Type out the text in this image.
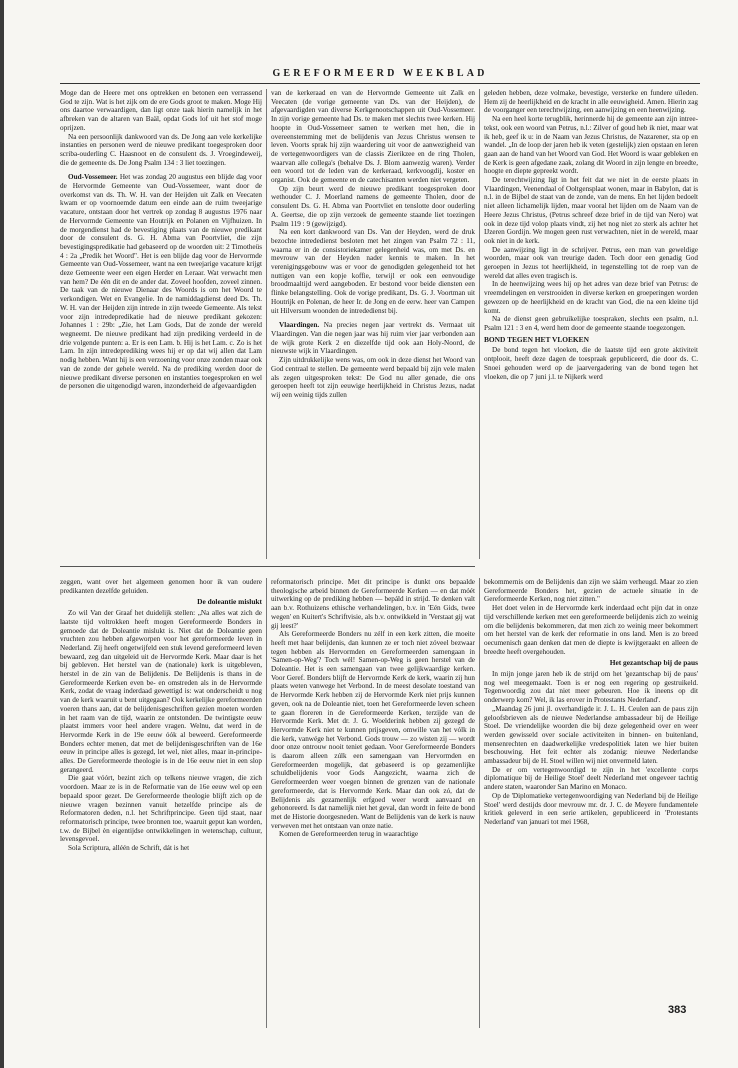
GEREFORMEERD WEEKBLAD

Moge dan de Heere met ons optrekken en betonen een verrassend God te zijn. Wat is het zijk om de ere Gods groot te maken. Moge Hij ons daartoe verwaardigen, dan ligt onze taak hierin namelijk in het afbreken van de altaren van Baäl, opdat Gods lof uit het stof moge oprijzen.

Na een persoonlijk dankwoord van ds. De Jong aan vele kerkelijke instanties en personen werd de nieuwe predikant toegesproken door scriba-ouderling C. Haasnoot en de consulent ds. J. Vroegindeweij, die de gemeente ds. De Jong Psalm 134 : 3 liet toezingen.

Oud-Vossemeer. Het was zondag 20 augustus een blijde dag voor de Hervormde Gemeente van Oud-Vossemeer, want door de overkomst van ds. Th. W. H. van der Heijden uit Zalk en Veecaten kwam er op voornoemde datum een einde aan de ruim tweejarige vacature, ontstaan door het vertrek op zondag 8 augustus 1976 naar de Hervormde Gemeente van Houtrijk en Polanen en Vijfhuizen. In de morgendienst had de bevestiging plaats van de nieuwe predikant door de consulent ds. G. H. Abma van Poortvliet, die zijn bevestigingspredikatie had gebaseerd op de woorden uit: 2 Timotheüs 4 : 2a „Predik het Woord". Het is een blijde dag voor de Hervormde Gemeente van Oud-Vossemeer, want na een tweejarige vacature krijgt deze Gemeente weer een eigen Herder en Leraar. Wat verwacht men van hem? De één dit en de ander dat. Zoveel hoofden, zoveel zinnen. De taak van de nieuwe Dienaar des Woords is om het Woord te verkondigen. Wet en Evangelie. In de namiddagdienst deed Ds. Th. W. H. van der Heijden zijn intrede in zijn tweede Gemeente. Als tekst voor zijn intredepredikatie had de nieuwe predikant gekozen: Johannes 1 : 29b: „Zie, het Lam Gods, Dat de zonde der wereld wegneemt. De nieuwe predikant had zijn prediking verdeeld in de drie volgende punten: a. Er is een Lam. b. Hij is het Lam. c. Zo is het Lam. In zijn intredeprediking wees hij er op dat wij allen dat Lam nodig hebben. Want hij is een verzoening voor onze zonden maar ook van de zonde der gehele wereld. Na de prediking werden door de nieuwe predikant diverse personen en instanties toegesproken en wel de personen die uitgenodigd waren, inzonderheid de afgevaardigden

van de kerkeraad en van de Hervormde Gemeente uit Zalk en Veecaten (de vorige gemeente van Ds. van der Heijden), de afgevaardigden van diverse Kerkgenootschappen uit Oud-Vossemeer. In zijn vorige gemeente had Ds. te maken met slechts twee kerken. Hij hoopte in Oud-Vossemeer samen te werken met hen, die in overeenstemming met de belijdenis van Jezus Christus wensen te leven. Voorts sprak hij zijn waardering uit voor de aanwezigheid van de vertegenwoordigers van de classis Zierikzee en de ring Tholen, waarvan alle collega's (behalve Ds. J. Blom aanwezig waren). Verder een woord tot de leden van de kerkeraad, kerkvoogdij, koster en organist. Ook de gemeente en de catechisanten werden niet vergeten.

Op zijn beurt werd de nieuwe predikant toegesproken door wethouder C. J. Moerland namens de gemeente Tholen, door de consulent Ds. G. H. Abma van Poortvliet en tenslotte door ouderling A. Geertse, die op zijn verzoek de gemeente staande liet toezingen Psalm 119 : 9 (gewijzigd).

Na een kort dankwoord van Ds. Van der Heyden, werd de druk bezochte intrededienst besloten met het zingen van Psalm 72 : 11, waarna er in de consistoriekamer gelegenheid was, om met Ds. en mevrouw van der Heyden nader kennis te maken. In het verenigingsgebouw was er voor de genodigden gelegenheid tot het nuttigen van een kopje koffie, terwijl er ook een eenvoudige broodmaaltijd werd aangeboden. Er bestond voor beide diensten een flinke belangstelling. Ook de vorige predikant, Ds. G. J. Voortman uit Houtrijk en Polenan, de heer Ir. de Jong en de eerw. heer van Campen uit Hilversum woonden de intrededienst bij.

Vlaardingen. Na precies negen jaar vertrekt ds. Vermaat uit Vlaardingen. Van die negen jaar was hij ruim vier jaar verbonden aan de wijk grote Kerk 2 en diezelfde tijd ook aan Holy-Noord, de nieuwste wijk in Vlaardingen.

Zijn uitdrukkelijke wens was, om ook in deze dienst het Woord van God centraal te stellen. De gemeente werd bepaald bij zijn vele malen als zegen uitgesproken tekst: De God nu aller genade, die ons geroepen heeft tot zijn eeuwige heerlijkheid in Christus Jezus, nadat wij een weinig tijds zullen

geleden hebben, deze volmake, bevestige, versterke en fundere uïleden. Hem zij de heerlijkheid en de kracht in alle eeuwigheid. Amen. Hierin zag de voorganger een terechtwijzing, een aanwijzing en een heenwijzing.

Na een heel korte terugblik, herinnerde hij de gemeente aan zijn intree-tekst, ook een woord van Petrus, n.l.: Zilver of goud heb ik niet, maar wat ik heb, geef ik u: in de Naam van Jezus Christus, de Nazarener, sta op en wandel. „In de loop der jaren heb ik veten (gestelijk) zien opstaan en leren gaan aan de hand van het Woord van God. Het Woord is waar gebleken en de Kerk is geen afgedane zaak, zolang dit Woord in zijn lengte en breedte, hoogte en diepte gepreekt wordt.

De terechtwijzing ligt in het feit dat we niet in de eerste plaats in Vlaardingen, Veenendaal of Ooltgensplaat wonen, maar in Babylon, dat is n.l. in de Bijbel de staat van de zonde, van de mens. En het lijden bedoelt niet alleen lichamelijk lijden, maar vooral het lijden om de Naam van de Heere Jezus Christus, (Petrus schreef deze brief in de tijd van Nero) wat ook in deze tijd volop plaats vindt, zij het nog niet zo sterk als achter het IJzeren Gordijn. We mogen geen rust verwachten, niet in de wereld, maar ook niet in de kerk.

De aanwijzing ligt in de schrijver. Petrus, een man van geweldige woorden, maar ook van treurige daden. Toch door een genadig God geroepen in Jezus tot heerlijkheid, in tegenstelling tot de roep van de wereld dat alles even tragisch is.

In de heenwijzing wees hij op het adres van deze brief van Petrus: de vreemdelingen en verstrooiden in diverse kerken en groeperingen worden gewezen op de heerlijkheid en de kracht van God, die na een kleine tijd komt.

Na de dienst geen gebruikelijke toespraken, slechts een psalm, n.l. Psalm 121 : 3 en 4, werd hem door de gemeente staande toegezongen.

BOND TEGEN HET VLOEKEN

De bond tegen het vloeken, die de laatste tijd een grote aktiviteit ontplooit, heeft deze dagen de toespraak gepubliceerd, die door ds. C. Snoei gehouden werd op de jaarvergadering van de bond tegen het vloeken, die op 7 juni j.l. te Nijkerk werd

zeggen, want over het algemeen genomen hoor ik van oudere predikanten dezelfde geluiden.

De doleantie mislukt

Zo wil Van der Graaf het duidelijk stellen: „Na alles wat zich de laatste tijd voltrokken heeft mogen Gereformeerde Bonders in gemoede dat de Doleantie mislukt is. Niet dat de Doleantie geen vruchten zou hebben afgeworpen voor het gereformeerde leven in Nederland. Zij heeft ongetwijfeld een stuk levend gereformeerd leven bewaard, zeg dan uitgeleid uit de Hervormde Kerk. Maar daar is het bij gebleven. Het herstel van de (nationale) kerk is uitgebleven, herstel in de zin van de Belijdenis. De Belijdenis is thans in de Gereformeerde Kerken even be- en omstreden als in de Hervormde Kerk, zodat de vraag inderdaad gewettigd is: wat onderscheidt u nog van de kerk waaruit u bent uitgegaan? Ook kerkelijke gereformeerden voeren thans aan, dat de belijdenisgeschriften gezien moeten worden in het raam van de tijd, waarin ze ontstonden. De twintigste eeuw plaatst immers voor heel andere vragen. Welnu, dat werd in de Hervormde Kerk in de 19e eeuw óók al beweerd. Gereformeerde Bonders echter menen, dat met de belijdenisgeschriften van de 16e eeuw in principe alles is gezegd, let wel, niet alles, maar in-principe-alles. De Gereformeerde theologie is in de 16e eeuw niet in een slop gerangeerd.

Die gaat vóórt, bezint zich op telkens nieuwe vragen, die zich voordoen. Maar ze is in de Reformatie van de 16e eeuw wel op een bepaald spoor gezet. De Gereformeerde theologie blijft zich op de nieuwe vragen bezinnen vanuit hetzelfde principe als de Reformatoren deden, n.l. het Schriftprincipe. Geen tijd staat, naar reformatorisch principe, twee bronnen toe, waaruit geput kan worden, t.w. de Bijbel èn eigentijdse ontwikkelingen in wetenschap, cultuur, levensgevoel.

Sola Scriptura, alléén de Schrift, dát is het

reformatorisch principe. Met dit principe is dunkt ons bepaalde theologische arbeid binnen de Gereformeerde Kerken — en dat móét uitwerking op de prediking hebben — bepáld in strijd. Te denken valt aan b.v. Rothuizens ethische verhandelingen, b.v. in 'Eén Gids, twee wegen' en Kuitert's Schriftvisie, als b.v. ontwikkeld in 'Verstaat gij wat gij leest?'

Als Gereformeerde Bonders nu zélf in een kerk zitten, die moeite heeft met haar belijdenis, dan kunnen ze er toch niet zóveel bezwaar tegen hebben als Hervormden en Gereformeerden samengaan in 'Samen-op-Weg'? Toch wél! Samen-op-Weg is geen herstel van de Doleantie. Het is een samengaan van twee gelijkwaardige kerken. Voor Geref. Bonders blijft de Hervormde Kerk de kerk, waarin zij hun plaats weten vanwege het Verbond. In de meest desolate toestand van de Hervormde Kerk hebben zij de Hervormde Kerk niet prijs kunnen geven, ook na de Doleantie niet, toen het Gereformeerde leven scheen te gaan floreren in de Gereformeerde Kerken, terzijde van de Hervormde Kerk. Met dr. J. G. Woelderink hebben zij gezegd de Hervormde Kerk niet te kunnen prijsgeven, omwille van het vólk in die kerk, vanwége het Verbond. Gods trouw — zo wisten zij — wordt door onze ontrouw nooit teniet gedaan. Voor Gereformeerde Bonders is daarom alleen zúlk een samengaan van Hervormden en Gereformeerden mogelijk, dat gebaseerd is op gezamenlijke schuldbelijdenis voor Gods Aangezicht, waarna zich de Gereformeerden weer voegen binnen de grenzen van de nationale gereformeerde, dat is Hervormde Kerk. Maar dan ook zó, dat de Belijdenis als gezamenlijk erfgoed weer wordt aanvaard en gehonoreerd. Is dat namelijk niet het geval, dan wordt in feite de bond met de Historie doorgesneden. Want de Belijdenis van de kerk is nauw verweven met het ontstaan van onze natie.

Komen de Gereformeerden terug in waarachtige

bekommernis om de Belijdenis dan zijn we sàám verheugd. Maar zo zien Gereformeerde Bonders het, gezien de actuele situatie in de Gereformeerde Kerken, nog niet zitten."

Het doet velen in de Hervormde kerk inderdaad echt pijn dat in onze tijd verschillende kerken met een gereformeerde belijdenis zich zo weinig om die belijdenis bekommeren, dat men zich zo weinig meer bekommert om het herstel van de kerk der reformatie in ons land. Men is zo breed oecumenisch gaan denken dat men de diepte is kwijtgeraakt en alleen de breedte heeft overgehouden.

Het gezantschap bij de paus

In mijn jonge jaren heb ik de strijd om het 'gezantschap bij de paus' nog wel meegemaakt. Toen is er nog een regering op gestruikeld. Tegenwoordig zou dat niet meer gebeuren. Hoe ik ineens op dit onderwerp kom? Wel, ik las erover in Protestants Nederland'.

„Maandag 26 juni jl. overhandigde ir. J. L. H. Ceulen aan de paus zijn geloofsbrieven als de nieuwe Nederlandse ambassadeur bij de Heilige Stoel. De vriendelijke woorden die bij deze gelegenheid over en weer werden gewisseld over sociale activiteiten in binnen- en buitenland, mensenrechten en daadwerkelijke vredespolitiek laten we hier buiten beschouwing. Het feit echter als zodanig: nieuwe Nederlandse ambassadeur bij de H. Stoel willen wij niet onvermeld laten.

De er om vertegenwoordigd te zijn in het 'excellente corps diplomatique bij de Heilige Stoel' deelt Nederland met ongeveer tachtig andere staten, waaronder San Marino en Monaco.

Op de 'Diplomatieke vertegenwoordiging van Nederland bij de Heilige Stoel' werd destijds door mevrouw mr. dr. J. C. de Meyere fundamentele kritiek geleverd in een serie artikelen, gepubliceerd in 'Protestants Nederland' van januari tot mei 1968,

383
